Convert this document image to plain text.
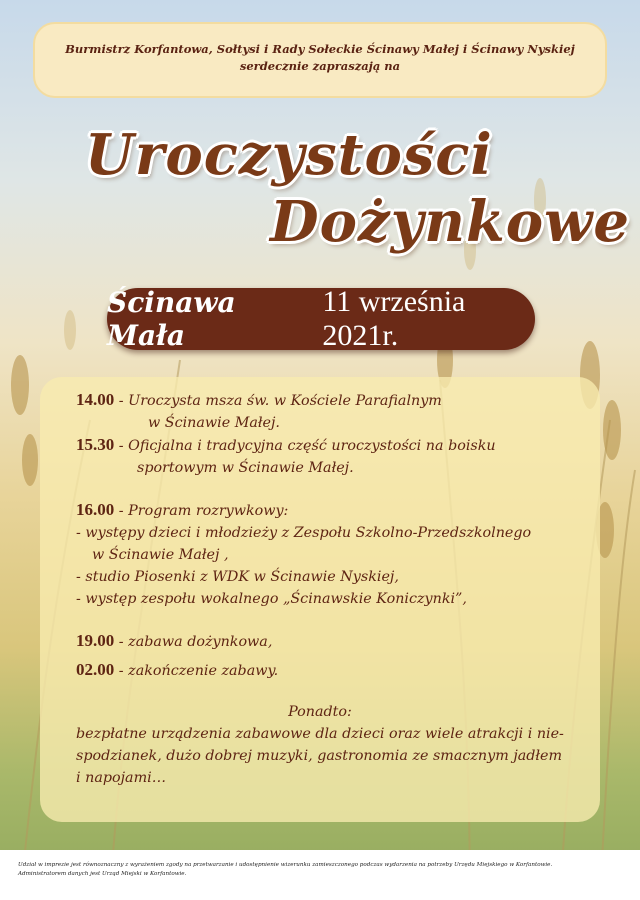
Burmistrz Korfantowa, Sołtysi i Rady Sołeckie Ścinawy Małej i Ścinawy Nyskiej
serdecznie zapraszają na
Uroczystości
Dożynkowe
Ścinawa Mała
11 września 2021r.
14.00 - Uroczysta msza św. w Kościele Parafialnym
w Ścinawie Małej.
15.30 - Oficjalna i tradycyjna część uroczystości na boisku
sportowym w Ścinawie Małej.
16.00 - Program rozrywkowy:
- występy dzieci i młodzieży z Zespołu Szkolno-Przedszkolnego
w Ścinawie Małej ,
- studio Piosenki z WDK w Ścinawie Nyskiej,
- występ zespołu wokalnego „Ścinawskie Koniczynki”,
19.00 - zabawa dożynkowa,
02.00 - zakończenie zabawy.
Ponadto:
bezpłatne urządzenia zabawowe dla dzieci oraz wiele atrakcji i nie-
spodzianek, dużo dobrej muzyki, gastronomia ze smacznym jadłem
i napojami…
Udział w imprezie jest równoznaczny z wyrażeniem zgody na przetwarzanie i udostępnienie wizerunku zamieszczonego podczas wydarzenia na potrzeby Urzędu Miejskiego w Korfantowie.
Administratorem danych jest Urząd Miejski w Korfantowie.
